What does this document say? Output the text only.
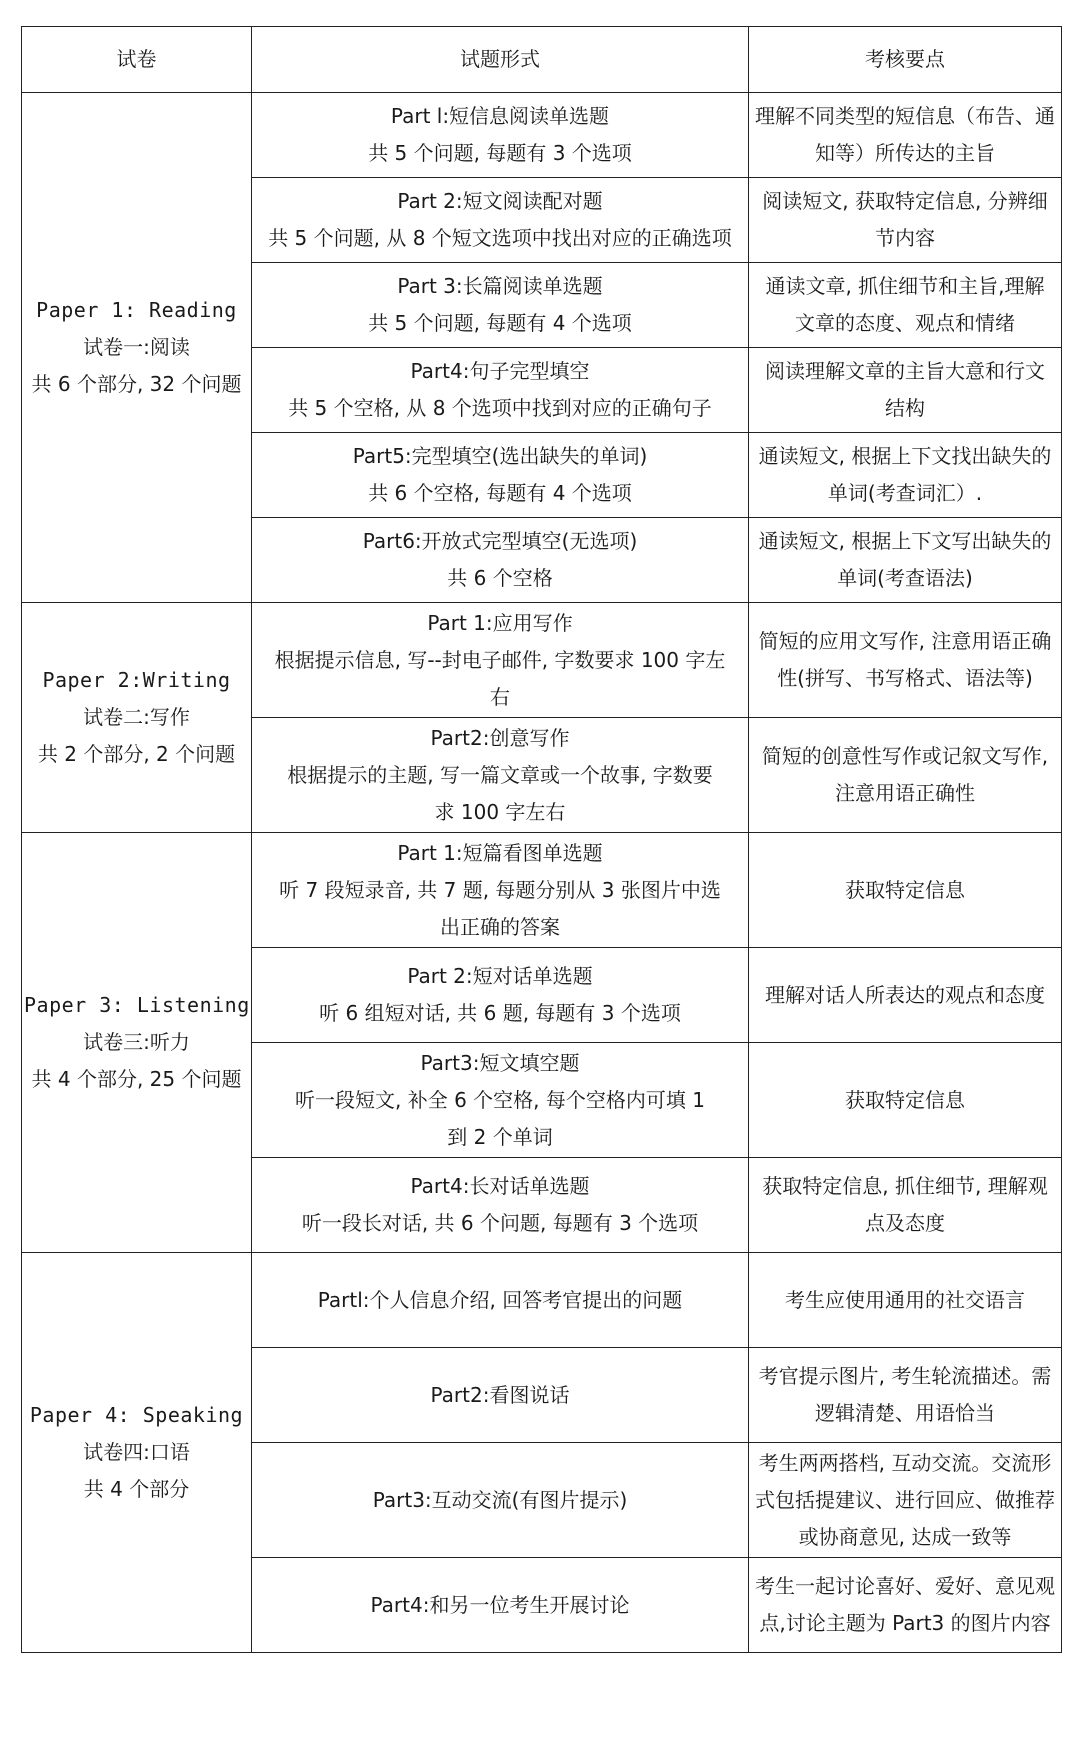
试卷	试题形式	考核要点

Paper 1: Reading
试卷一:阅读
共 6 个部分, 32 个问题	Part l:短信息阅读单选题
共 5 个问题, 每题有 3 个选项	理解不同类型的短信息（布告、通
知等）所传达的主旨

	Part 2:短文阅读配对题
共 5 个问题, 从 8 个短文选项中找出对应的正确选项	阅读短文, 获取特定信息, 分辨细
节内容

	Part 3:长篇阅读单选题
共 5 个问题, 每题有 4 个选项	通读文章, 抓住细节和主旨,理解
文章的态度、观点和情绪

	Part4:句子完型填空
共 5 个空格, 从 8 个选项中找到对应的正确句子	阅读理解文章的主旨大意和行文
结构

	Part5:完型填空(选出缺失的单词)
共 6 个空格, 每题有 4 个选项	通读短文, 根据上下文找出缺失的
单词(考查词汇）.

	Part6:开放式完型填空(无选项)
共 6 个空格	通读短文, 根据上下文写出缺失的
单词(考查语法)

Paper 2:Writing
试卷二:写作
共 2 个部分, 2 个问题	Part 1:应用写作
根据提示信息, 写--封电子邮件, 字数要求 100 字左
右	简短的应用文写作, 注意用语正确
性(拼写、书写格式、语法等)

	Part2:创意写作
根据提示的主题, 写一篇文章或一个故事, 字数要
求 100 字左右	简短的创意性写作或记叙文写作,
注意用语正确性

Paper 3: Listening
试卷三:听力
共 4 个部分, 25 个问题	Part 1:短篇看图单选题
听 7 段短录音, 共 7 题, 每题分别从 3 张图片中选
出正确的答案	获取特定信息

	Part 2:短对话单选题
听 6 组短对话, 共 6 题, 每题有 3 个选项	理解对话人所表达的观点和态度

	Part3:短文填空题
听一段短文, 补全 6 个空格, 每个空格内可填 1
到 2 个单词	获取特定信息

	Part4:长对话单选题
听一段长对话, 共 6 个问题, 每题有 3 个选项	获取特定信息, 抓住细节, 理解观
点及态度

Paper 4: Speaking
试卷四:口语
共 4 个部分	Partl:个人信息介绍, 回答考官提出的问题	考生应使用通用的社交语言

	Part2:看图说话	考官提示图片, 考生轮流描述。需
逻辑清楚、用语恰当

	Part3:互动交流(有图片提示)	考生两两搭档, 互动交流。交流形
式包括提建议、进行回应、做推荐
或协商意见, 达成一致等

	Part4:和另一位考生开展讨论	考生一起讨论喜好、爱好、意见观
点,讨论主题为 Part3 的图片内容
